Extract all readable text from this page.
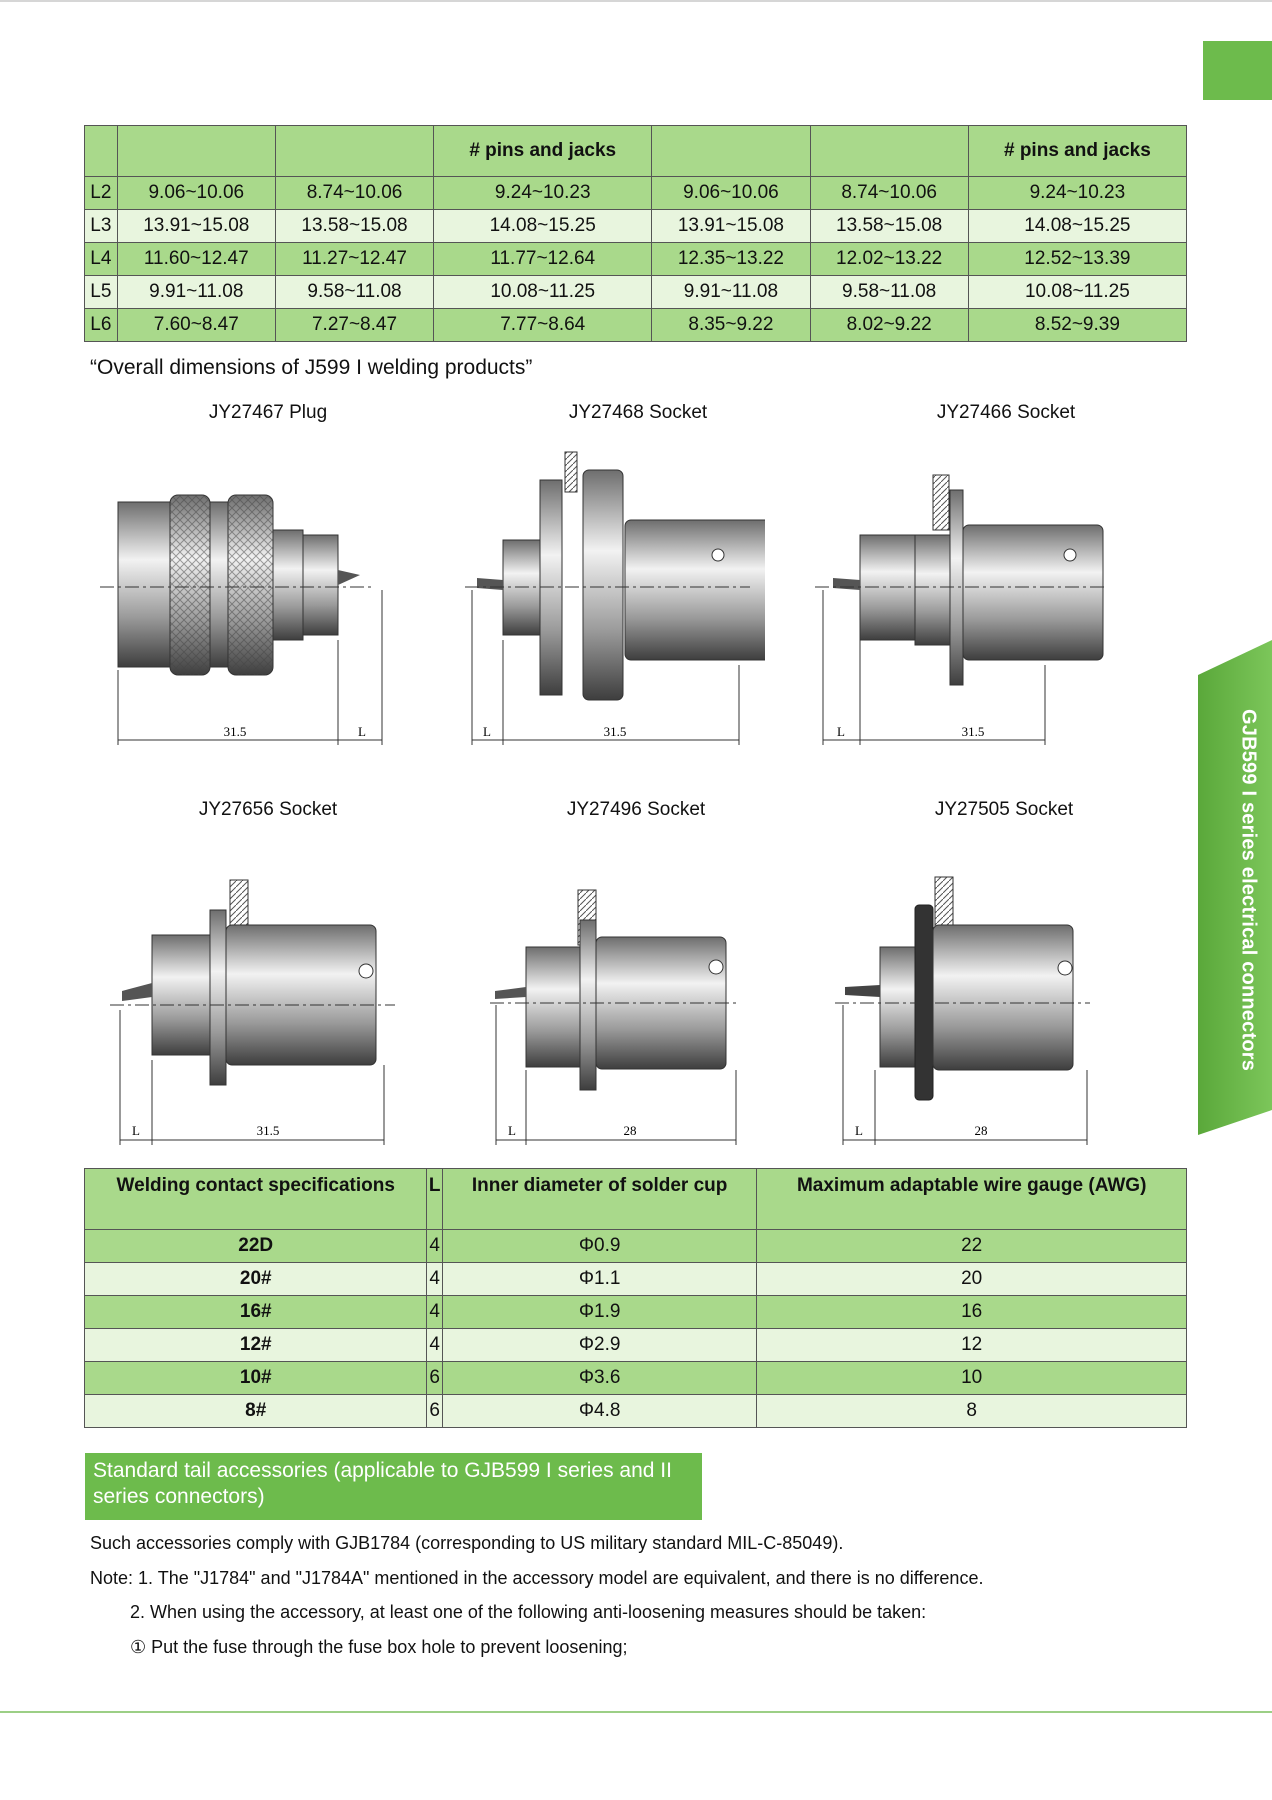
GJB599 I series electrical connectors
			# pins and jacks			# pins and jacks
L2	9.06~10.06	8.74~10.06	9.24~10.23	9.06~10.06	8.74~10.06	9.24~10.23
L3	13.91~15.08	13.58~15.08	14.08~15.25	13.91~15.08	13.58~15.08	14.08~15.25
L4	11.60~12.47	11.27~12.47	11.77~12.64	12.35~13.22	12.02~13.22	12.52~13.39
L5	9.91~11.08	9.58~11.08	10.08~11.25	9.91~11.08	9.58~11.08	10.08~11.25
L6	7.60~8.47	7.27~8.47	7.77~8.64	8.35~9.22	8.02~9.22	8.52~9.39
“Overall dimensions of J599 I welding products”
JY27467 Plug	JY27468 Socket	JY27466 Socket
JY27656 Socket	JY27496 Socket	JY27505 Socket
31.5	L	L	31.5	L	31.5
L	31.5	L	28	L	28
Welding contact specifications	L	Inner diameter of solder cup	Maximum adaptable wire gauge (AWG)
22D	4	Φ0.9	22
20#	4	Φ1.1	20
16#	4	Φ1.9	16
12#	4	Φ2.9	12
10#	6	Φ3.6	10
8#	6	Φ4.8	8
Standard tail accessories (applicable to GJB599 I series and II series connectors)
Such accessories comply with GJB1784 (corresponding to US military standard MIL-C-85049).
Note: 1. The "J1784" and "J1784A" mentioned in the accessory model are equivalent, and there is no difference.
2. When using the accessory, at least one of the following anti-loosening measures should be taken:
① Put the fuse through the fuse box hole to prevent loosening;
